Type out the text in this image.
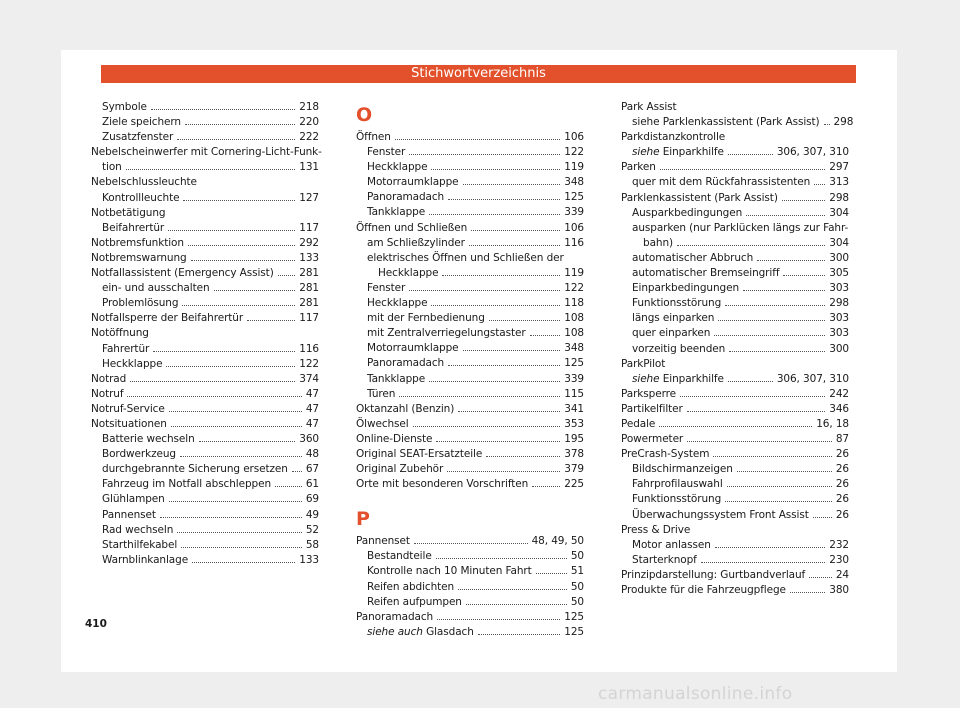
Stichwortverzeichnis
Symbole	218
Ziele speichern	220
Zusatzfenster	222
Nebelscheinwerfer mit Cornering-Licht-Funk-
tion	131
Nebelschlussleuchte
Kontrollleuchte	127
Notbetätigung
Beifahrertür	117
Notbremsfunktion	292
Notbremswarnung	133
Notfallassistent (Emergency Assist) 281
ein- und ausschalten	281
Problemlösung	281
Notfallsperre der Beifahrertür	117
Notöffnung
Fahrertür	116
Heckklappe	122
Notrad	374
Notruf	47
Notruf-Service	47
Notsituationen	47
Batterie wechseln	360
Bordwerkzeug	48
durchgebrannte Sicherung ersetzen 67
Fahrzeug im Notfall abschleppen	61
Glühlampen	69
Pannenset	49
Rad wechseln	52
Starthilfekabel	58
Warnblinkanlage	133
O
Öffnen	106
Fenster	122
Heckklappe	119
Motorraumklappe	348
Panoramadach	125
Tankklappe	339
Öffnen und Schließen	106
am Schließzylinder	116
elektrisches Öffnen und Schließen der
Heckklappe	119
Fenster	122
Heckklappe	118
mit der Fernbedienung	108
mit Zentralverriegelungstaster	108
Motorraumklappe	348
Panoramadach	125
Tankklappe	339
Türen	115
Oktanzahl (Benzin)	341
Ölwechsel	353
Online-Dienste	195
Original SEAT-Ersatzteile	378
Original Zubehör	379
Orte mit besonderen Vorschriften	225
P
Pannenset	48, 49, 50
Bestandteile	50
Kontrolle nach 10 Minuten Fahrt	51
Reifen abdichten	50
Reifen aufpumpen	50
Panoramadach	125
siehe auch Glasdach	125
Park Assist
siehe Parklenkassistent (Park Assist) 298
Parkdistanzkontrolle
siehe Einparkhilfe	306, 307, 310
Parken	297
quer mit dem Rückfahrassistenten 313
Parklenkassistent (Park Assist)	298
Ausparkbedingungen	304
ausparken (nur Parklücken längs zur Fahr-
bahn)	304
automatischer Abbruch	300
automatischer Bremseingriff	305
Einparkbedingungen	303
Funktionsstörung	298
längs einparken	303
quer einparken	303
vorzeitig beenden	300
ParkPilot
siehe Einparkhilfe	306, 307, 310
Parksperre	242
Partikelfilter	346
Pedale	16, 18
Powermeter	87
PreCrash-System	26
Bildschirmanzeigen	26
Fahrprofilauswahl	26
Funktionsstörung	26
Überwachungssystem Front Assist	26
Press & Drive
Motor anlassen	232
Starterknopf	230
Prinzipdarstellung: Gurtbandverlauf	24
Produkte für die Fahrzeugpflege	380
410
carmanualsonline.info
